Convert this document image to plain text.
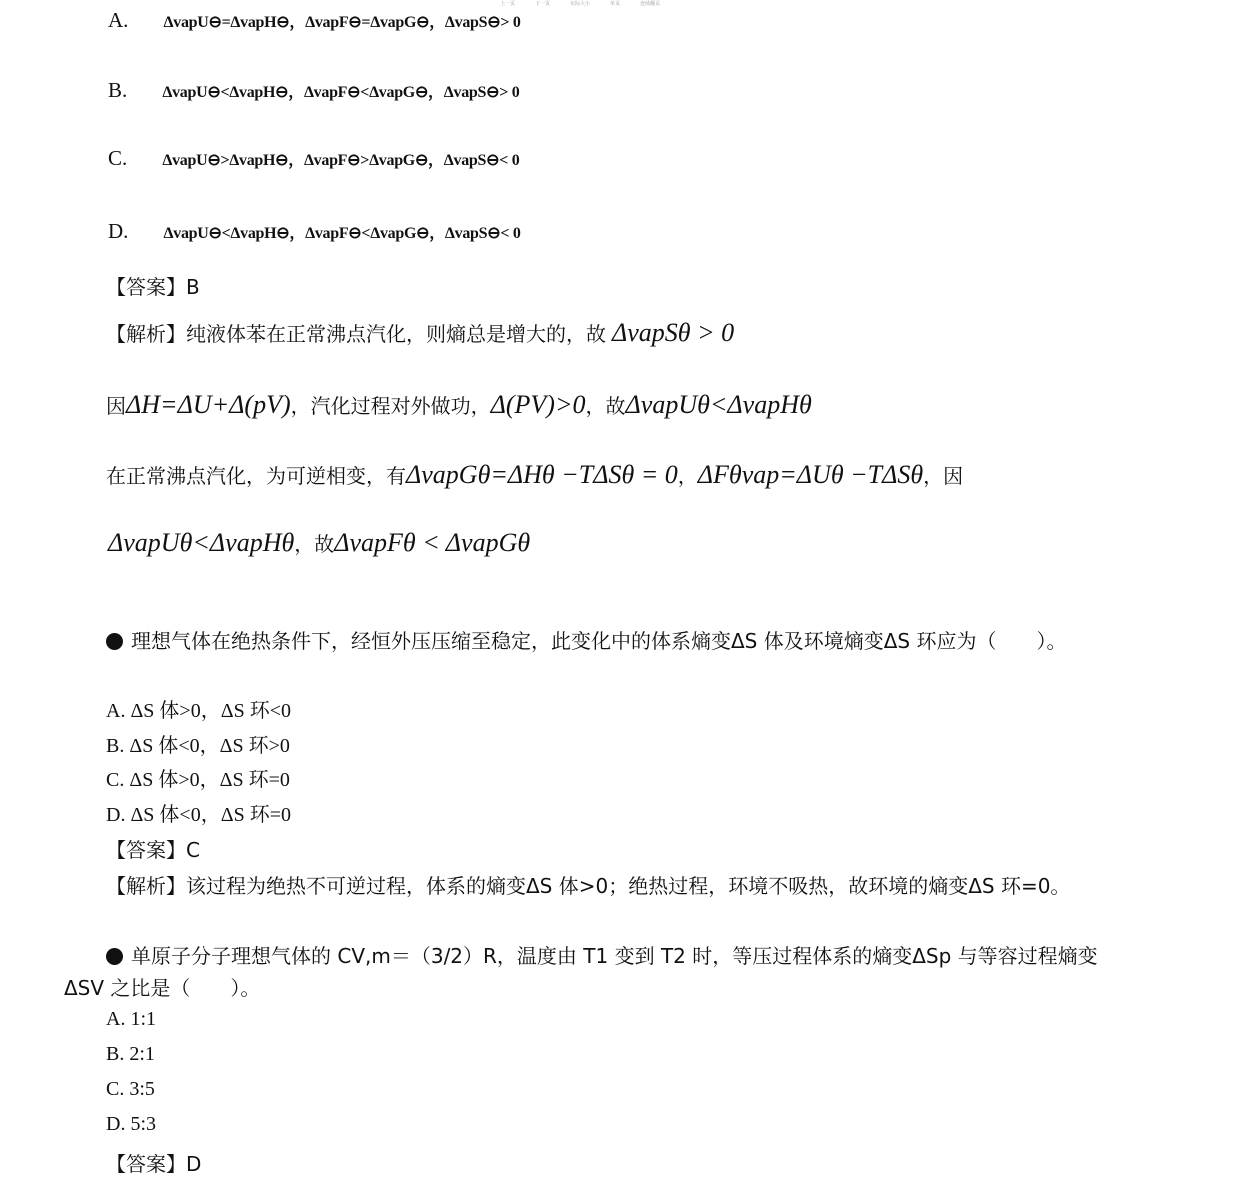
上一页	下一页	实际大小	单页	连续翻页
A. ΔvapU⊖=ΔvapH⊖，ΔvapF⊖=ΔvapG⊖，ΔvapS⊖> 0
B. ΔvapU⊖<ΔvapH⊖，ΔvapF⊖<ΔvapG⊖，ΔvapS⊖> 0
C. ΔvapU⊖>ΔvapH⊖，ΔvapF⊖>ΔvapG⊖，ΔvapS⊖< 0
D. ΔvapU⊖<ΔvapH⊖，ΔvapF⊖<ΔvapG⊖，ΔvapS⊖< 0
【答案】B
【解析】纯液体苯在正常沸点汽化，则熵总是增大的，故 ΔvapSθ > 0
因 ΔH=ΔU+Δ(pV) ，汽化过程对外做功， Δ(PV)>0 ，故 ΔvapUθ<ΔvapHθ
在正常沸点汽化，为可逆相变，有 ΔvapGθ=ΔHθ −TΔSθ = 0 ， ΔFθvap=ΔUθ −TΔSθ ，因
ΔvapUθ<ΔvapHθ ，故 ΔvapFθ < ΔvapGθ
理想气体在绝热条件下，经恒外压压缩至稳定，此变化中的体系熵变ΔS 体及环境熵变ΔS 环应为（　　）。
A. ΔS 体>0，ΔS 环<0
B. ΔS 体<0，ΔS 环>0
C. ΔS 体>0，ΔS 环=0
D. ΔS 体<0，ΔS 环=0
【答案】C
【解析】该过程为绝热不可逆过程，体系的熵变ΔS 体>0；绝热过程，环境不吸热，故环境的熵变ΔS 环=0。
单原子分子理想气体的 CV,m＝（3/2）R，温度由 T1 变到 T2 时，等压过程体系的熵变ΔSp 与等容过程熵变
ΔSV 之比是（　　）。
A. 1:1
B. 2:1
C. 3:5
D. 5:3
【答案】D
